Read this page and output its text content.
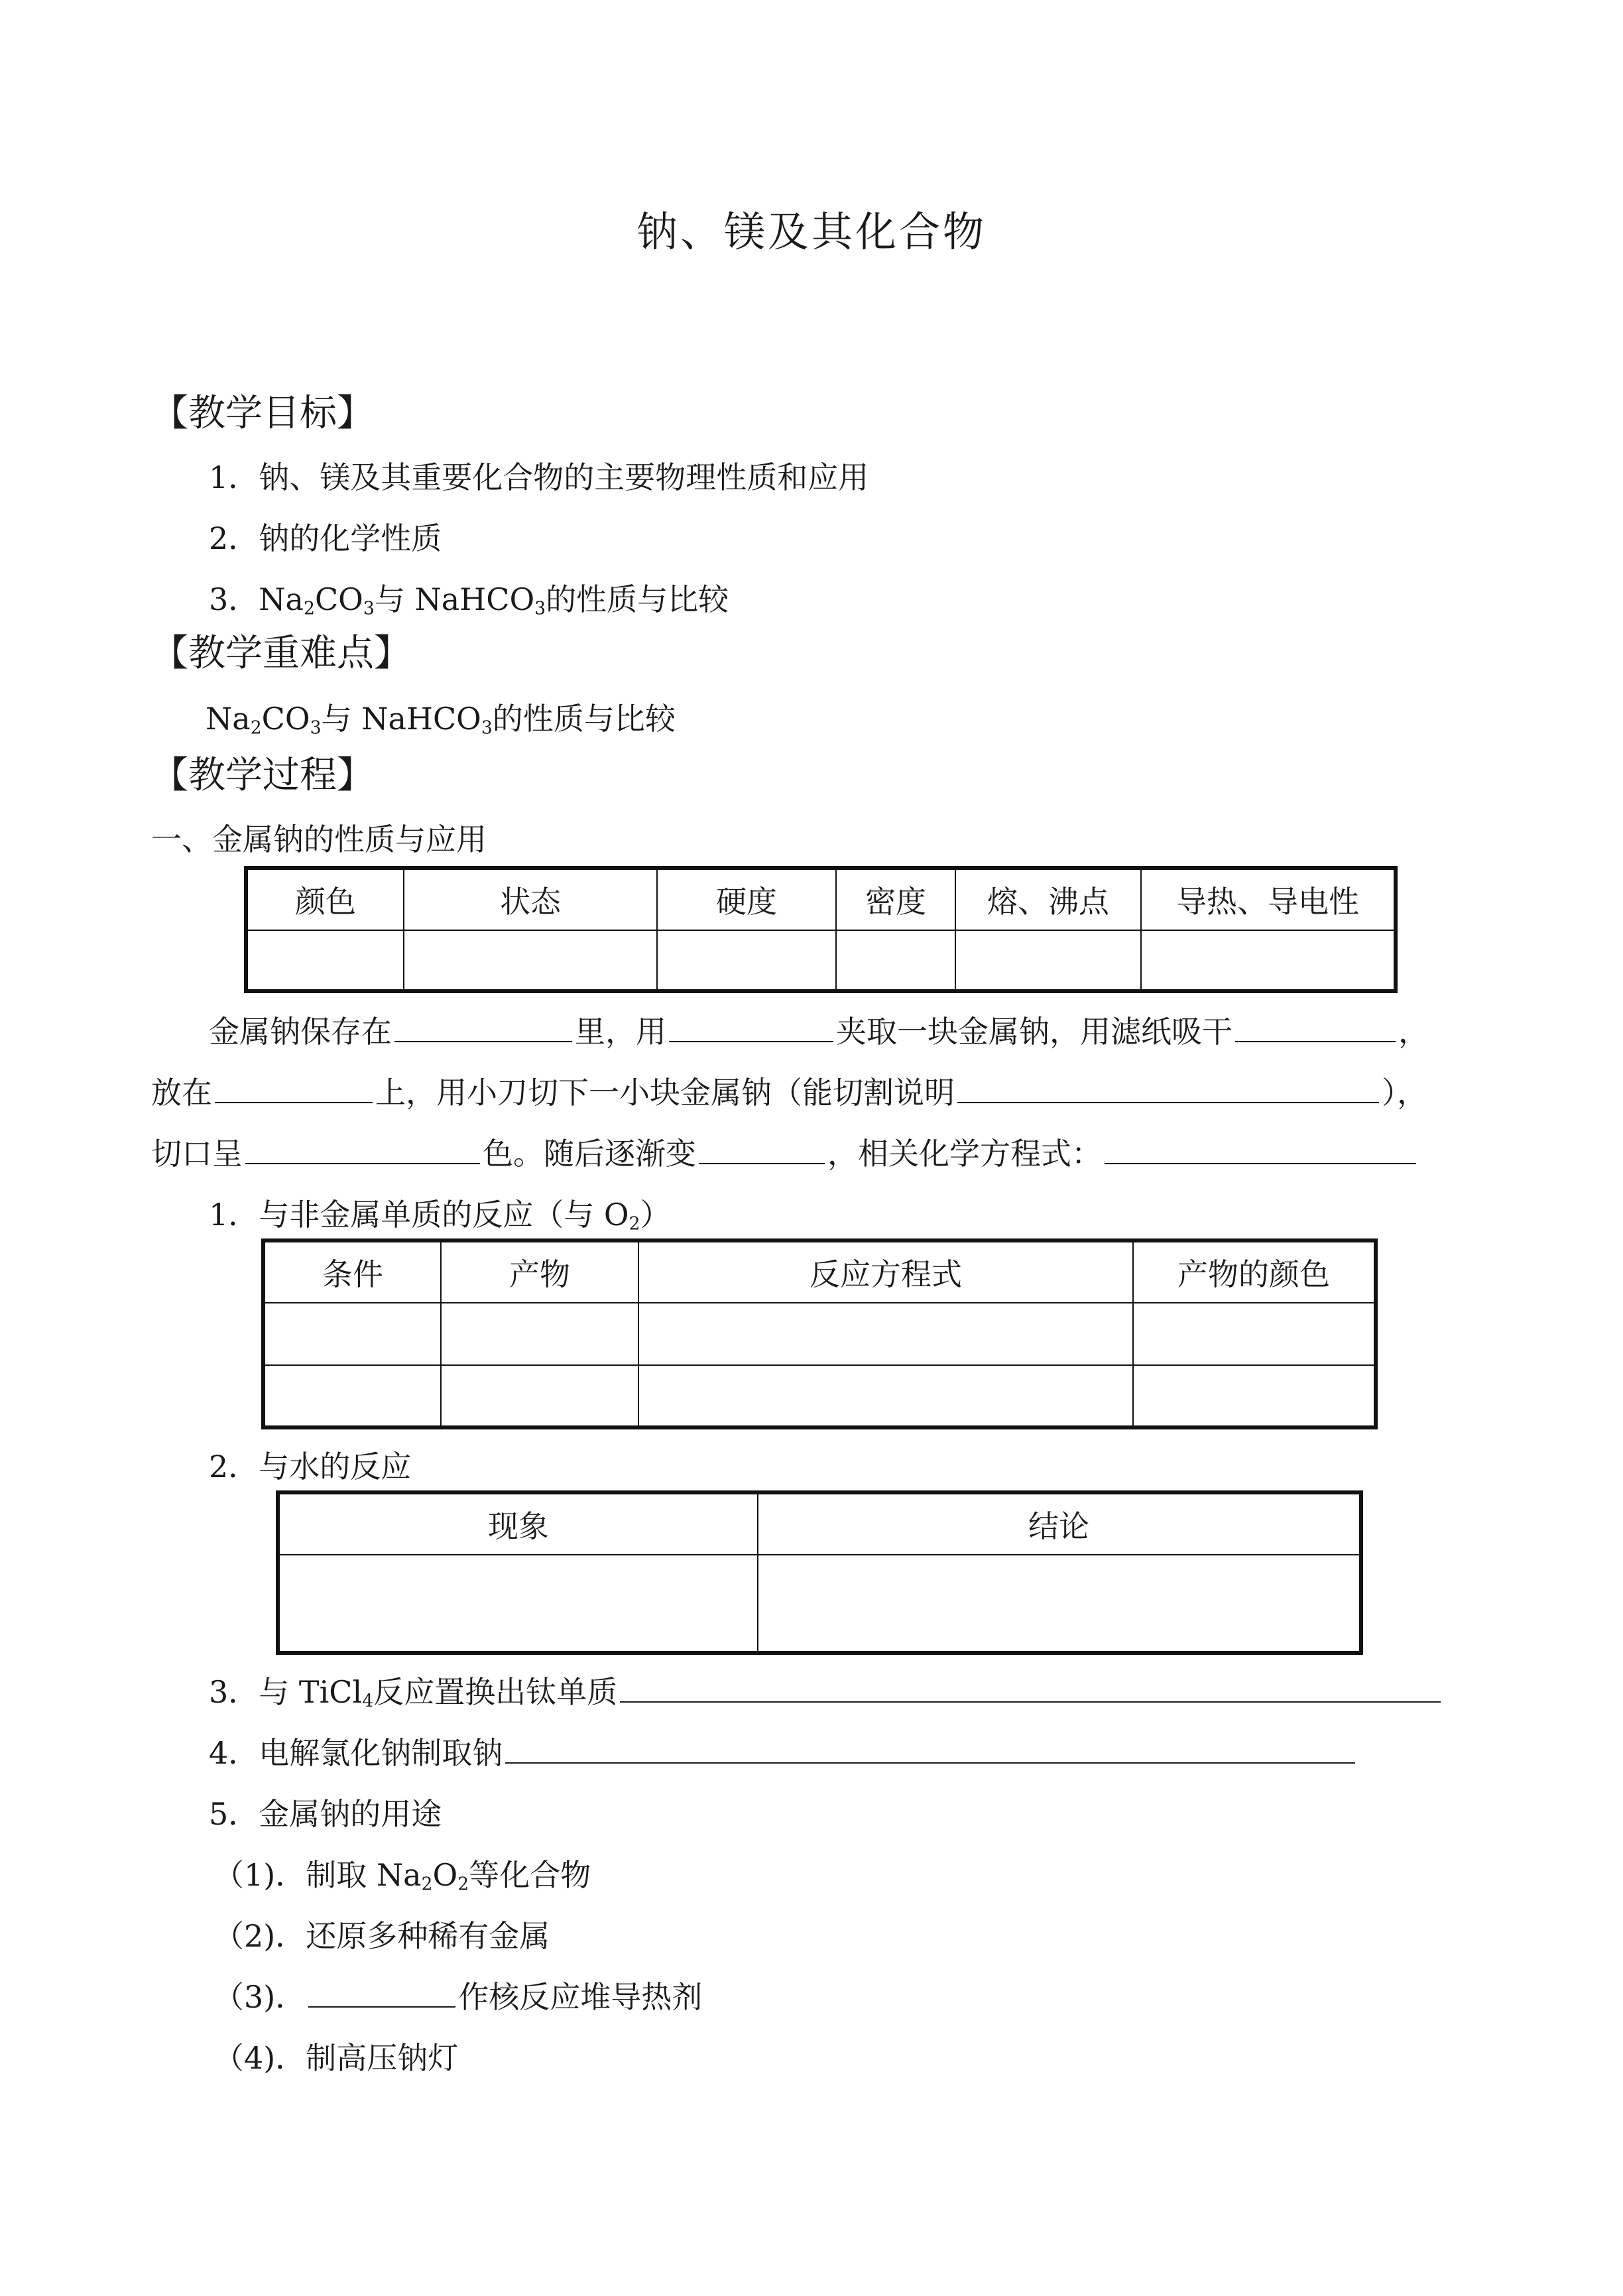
钠、镁及其化合物
【教学目标】
1．钠、镁及其重要化合物的主要物理性质和应用
2．钠的化学性质
3．$Na_2CO_3$与 NaHCO$_3$的性质与比较
【教学重难点】
$Na_2CO_3$与 NaHCO$_3$的性质与比较
【教学过程】
一、金属钠的性质与应用
颜色	状态	硬度	密度	熔、沸点	导热、导电性

金属钠保存在	里，用	夹取一块金属钠，用滤纸吸干	，
放在	上，用小刀切下一小块金属钠（能切割说明	），
切口呈	色。随后逐渐变	，相关化学方程式：
1．与非金属单质的反应（与 $O_2$）
条件	产物	反应方程式	产物的颜色

2．与水的反应
现象	结论

3．与 TiCl$_4$反应置换出钛单质
4．电解氯化钠制取钠
5．金属钠的用途
（1)．制取 $Na_2O_2$等化合物
（2)．还原多种稀有金属
（3)．	作核反应堆导热剂
（4)．制高压钠灯
